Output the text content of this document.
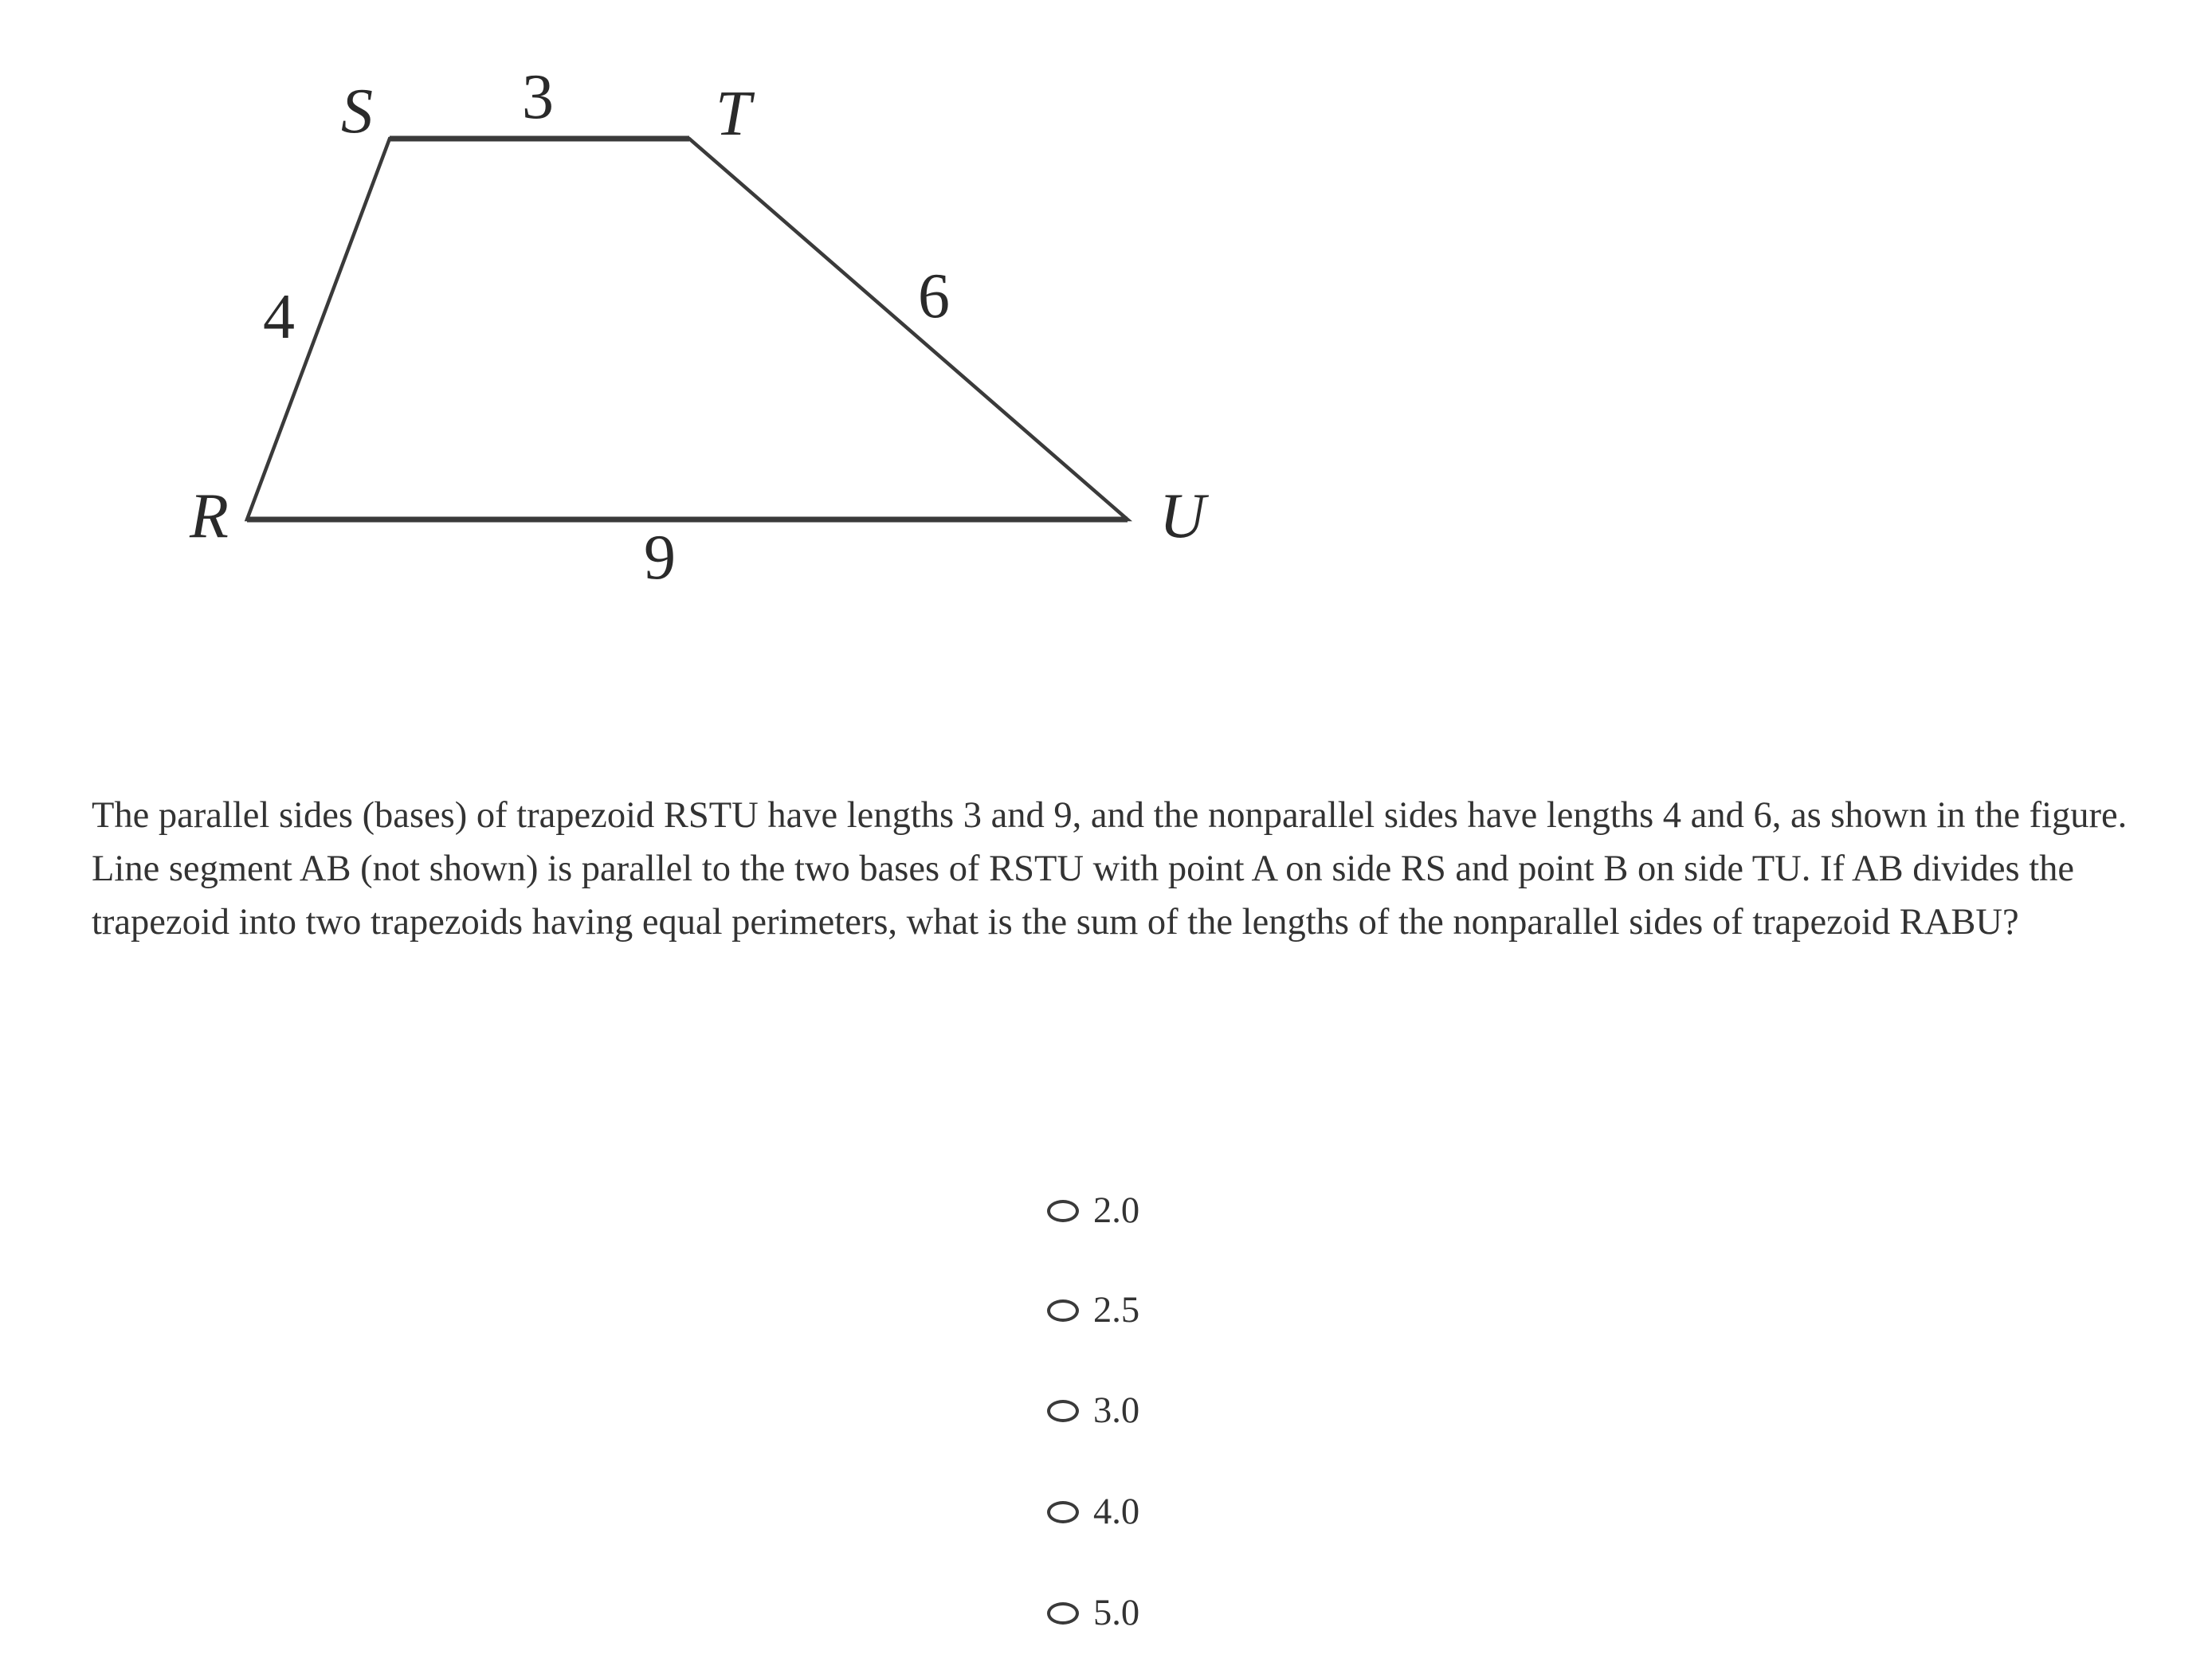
S 3	T
4	6
R	U
9

The parallel sides (bases) of trapezoid RSTU have lengths 3 and 9, and the nonparallel sides have lengths 4 and 6, as shown in the figure. Line segment AB (not shown) is parallel to the two bases of RSTU with point A on side RS and point B on side TU. If AB divides the trapezoid into two trapezoids having equal perimeters, what is the sum of the lengths of the nonparallel sides of trapezoid RABU?

2.0
2.5
3.0
4.0
5.0
